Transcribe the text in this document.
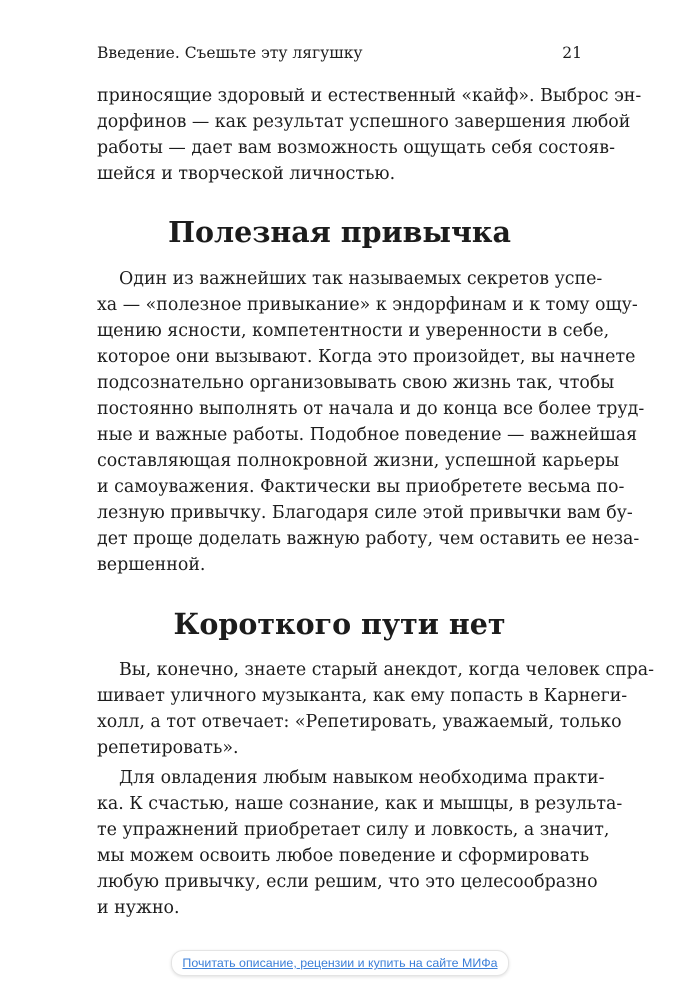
Введение. Съешьте эту лягушку	21
приносящие здоровый и естественный «кайф». Выброс эн-
дорфинов — как результат успешного завершения любой
работы — дает вам возможность ощущать себя состояв-
шейся и творческой личностью.
Полезная привычка
Один из важнейших так называемых секретов успе-
ха — «полезное привыкание» к эндорфинам и к тому ощу-
щению ясности, компетентности и уверенности в себе,
которое они вызывают. Когда это произойдет, вы начнете
подсознательно организовывать свою жизнь так, чтобы
постоянно выполнять от начала и до конца все более труд-
ные и важные работы. Подобное поведение — важнейшая
составляющая полнокровной жизни, успешной карьеры
и самоуважения. Фактически вы приобретете весьма по-
лезную привычку. Благодаря силе этой привычки вам бу-
дет проще доделать важную работу, чем оставить ее неза-
вершенной.
Короткого пути нет
Вы, конечно, знаете старый анекдот, когда человек спра-
шивает уличного музыканта, как ему попасть в Карнеги-
холл, а тот отвечает: «Репетировать, уважаемый, только
репетировать».
Для овладения любым навыком необходима практи-
ка. К счастью, наше сознание, как и мышцы, в результа-
те упражнений приобретает силу и ловкость, а значит,
мы можем освоить любое поведение и сформировать
любую привычку, если решим, что это целесообразно
и нужно.
Почитать описание, рецензии и купить на сайте МИФа
